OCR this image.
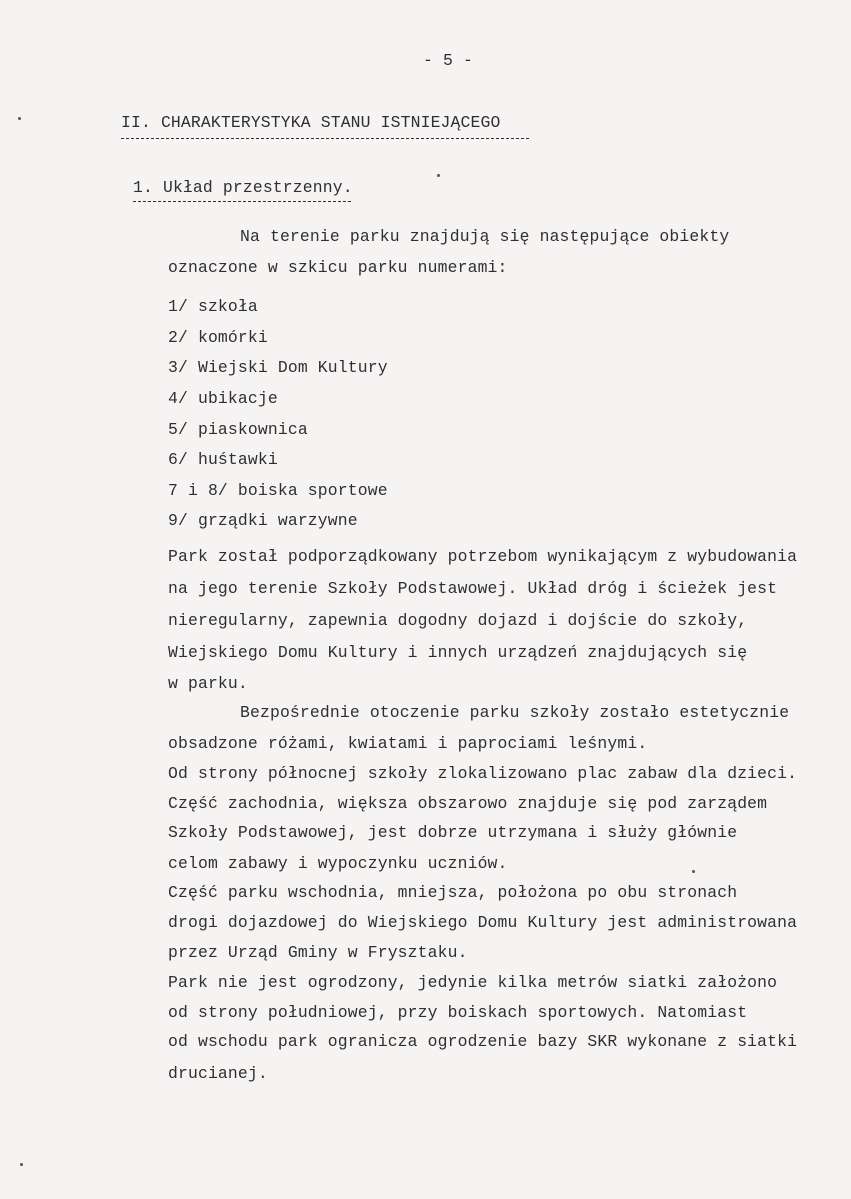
- 5 -
II. CHARAKTERYSTYKA STANU ISTNIEJĄCEGO
1. Układ przestrzenny.
Na terenie parku znajdują się następujące obiekty
oznaczone w szkicu parku numerami:
1/ szkoła
2/ komórki
3/ Wiejski Dom Kultury
4/ ubikacje
5/ piaskownica
6/ huśtawki
7 i 8/ boiska sportowe
9/ grządki warzywne
Park został podporządkowany potrzebom wynikającym z wybudowania
na jego terenie Szkoły Podstawowej. Układ dróg i ścieżek jest
nieregularny, zapewnia dogodny dojazd i dojście do szkoły,
Wiejskiego Domu Kultury i innych urządzeń znajdujących się
w parku.
Bezpośrednie otoczenie parku szkoły zostało estetycznie
obsadzone różami, kwiatami i paprociami leśnymi.
Od strony północnej szkoły zlokalizowano plac zabaw dla dzieci.
Część zachodnia, większa obszarowo znajduje się pod zarządem
Szkoły Podstawowej, jest dobrze utrzymana i służy głównie
celom zabawy i wypoczynku uczniów.
Część parku wschodnia, mniejsza, położona po obu stronach
drogi dojazdowej do Wiejskiego Domu Kultury jest administrowana
przez Urząd Gminy w Frysztaku.
Park nie jest ogrodzony, jedynie kilka metrów siatki założono
od strony południowej, przy boiskach sportowych. Natomiast
od wschodu park ogranicza ogrodzenie bazy SKR wykonane z siatki
drucianej.
